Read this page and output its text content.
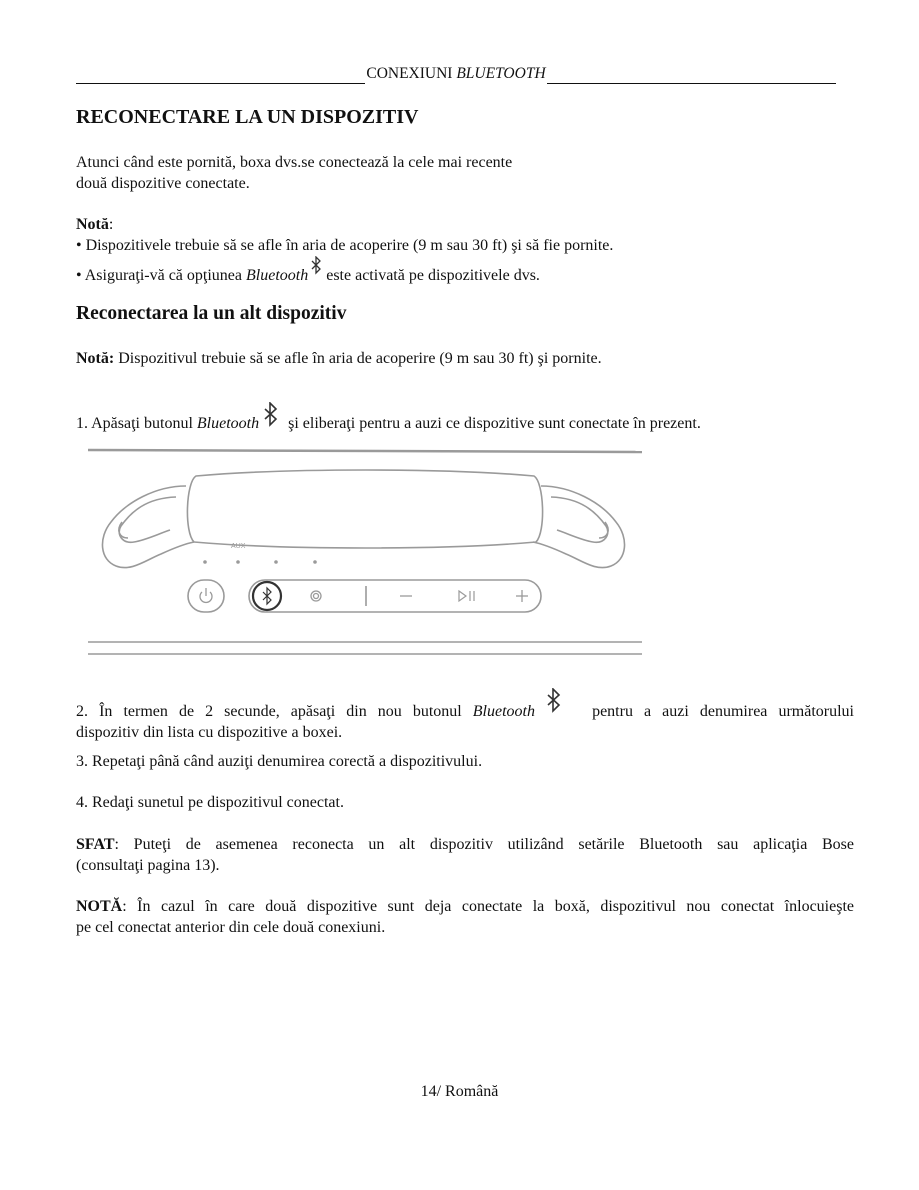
CONEXIUNI BLUETOOTH
RECONECTARE LA UN DISPOZITIV

Atunci când este pornită, boxa dvs.se conectează la cele mai recente
două dispozitive conectate.

Notă:
• Dispozitivele trebuie să se afle în aria de acoperire (9 m sau 30 ft) şi să fie pornite.
• Asiguraţi-vă că opţiunea Bluetooth este activată pe dispozitivele dvs.

Reconectarea la un alt dispozitiv

Notă: Dispozitivul trebuie să se afle în aria de acoperire (9 m sau 30 ft) şi pornite.

1. Apăsaţi butonul Bluetooth şi eliberaţi pentru a auzi ce dispozitive sunt conectate în prezent.

AUX
2. În termen de 2 secunde, apăsaţi din nou butonul Bluetooth	pentru a auzi denumirea următorului
dispozitiv din lista cu dispozitive a boxei.

3. Repetaţi până când auziţi denumirea corectă a dispozitivului.

4. Redaţi sunetul pe dispozitivul conectat.

SFAT: Puteţi de asemenea reconecta un alt dispozitiv utilizând setările Bluetooth sau aplicaţia Bose
(consultaţi pagina 13).
NOTĂ: În cazul în care două dispozitive sunt deja conectate la boxă, dispozitivul nou conectat înlocuieşte
pe cel conectat anterior din cele două conexiuni.
14/ Română
